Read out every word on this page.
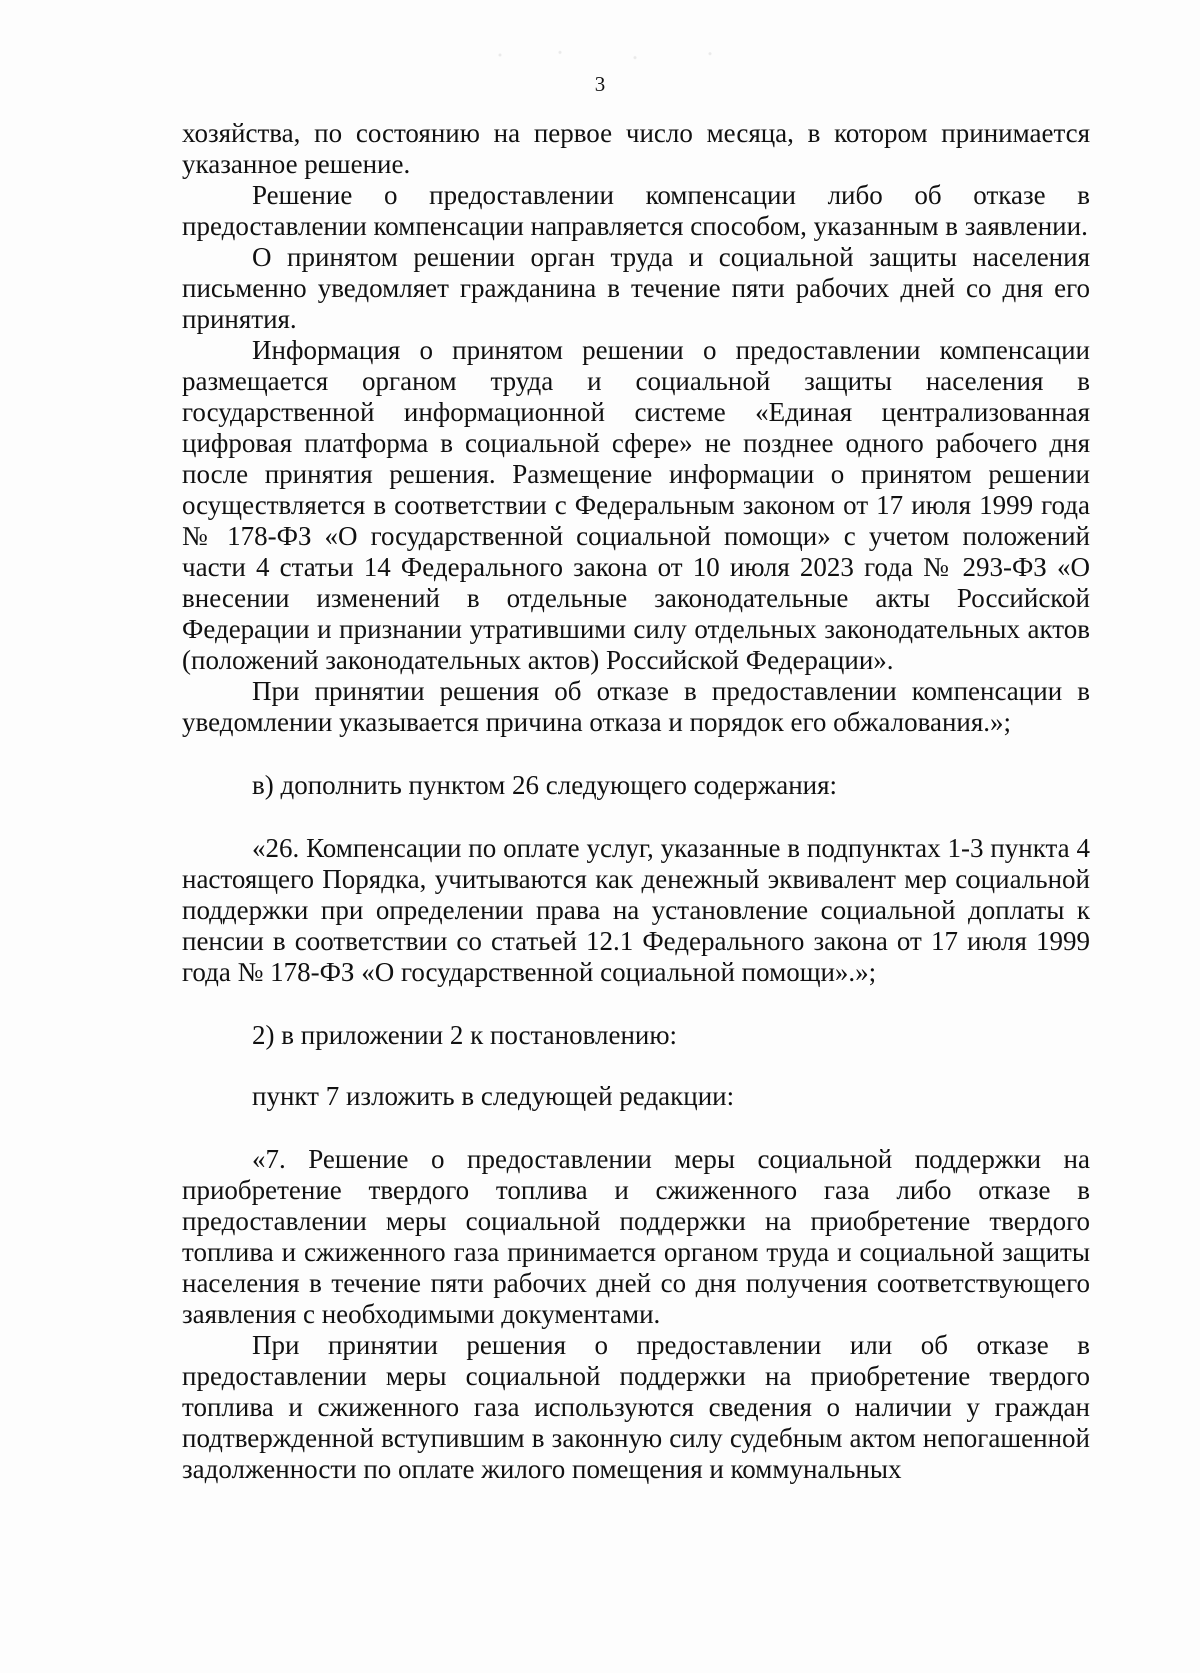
3

хозяйства, по состоянию на первое число месяца, в котором принимается указанное решение.

Решение о предоставлении компенсации либо об отказе в предоставлении компенсации направляется способом, указанным в заявлении.

О принятом решении орган труда и социальной защиты населения письменно уведомляет гражданина в течение пяти рабочих дней со дня его принятия.

Информация о принятом решении о предоставлении компенсации размещается органом труда и социальной защиты населения в государственной информационной системе «Единая централизованная цифровая платформа в социальной сфере» не позднее одного рабочего дня после принятия решения. Размещение информации о принятом решении осуществляется в соответствии с Федеральным законом от 17 июля 1999 года № 178-ФЗ «О государственной социальной помощи» с учетом положений части 4 статьи 14 Федерального закона от 10 июля 2023 года № 293-ФЗ «О внесении изменений в отдельные законодательные акты Российской Федерации и признании утратившими силу отдельных законодательных актов (положений законодательных актов) Российской Федерации».

При принятии решения об отказе в предоставлении компенсации в уведомлении указывается причина отказа и порядок его обжалования.»;

в) дополнить пунктом 26 следующего содержания:

«26. Компенсации по оплате услуг, указанные в подпунктах 1-3 пункта 4 настоящего Порядка, учитываются как денежный эквивалент мер социальной поддержки при определении права на установление социальной доплаты к пенсии в соответствии со статьей 12.1 Федерального закона от 17 июля 1999 года № 178-ФЗ «О государственной социальной помощи».»;

2) в приложении 2 к постановлению:

пункт 7 изложить в следующей редакции:

«7. Решение о предоставлении меры социальной поддержки на приобретение твердого топлива и сжиженного газа либо отказе в предоставлении меры социальной поддержки на приобретение твердого топлива и сжиженного газа принимается органом труда и социальной защиты населения в течение пяти рабочих дней со дня получения соответствующего заявления с необходимыми документами.

При принятии решения о предоставлении или об отказе в предоставлении меры социальной поддержки на приобретение твердого топлива и сжиженного газа используются сведения о наличии у граждан подтвержденной вступившим в законную силу судебным актом непогашенной задолженности по оплате жилого помещения и коммунальных
